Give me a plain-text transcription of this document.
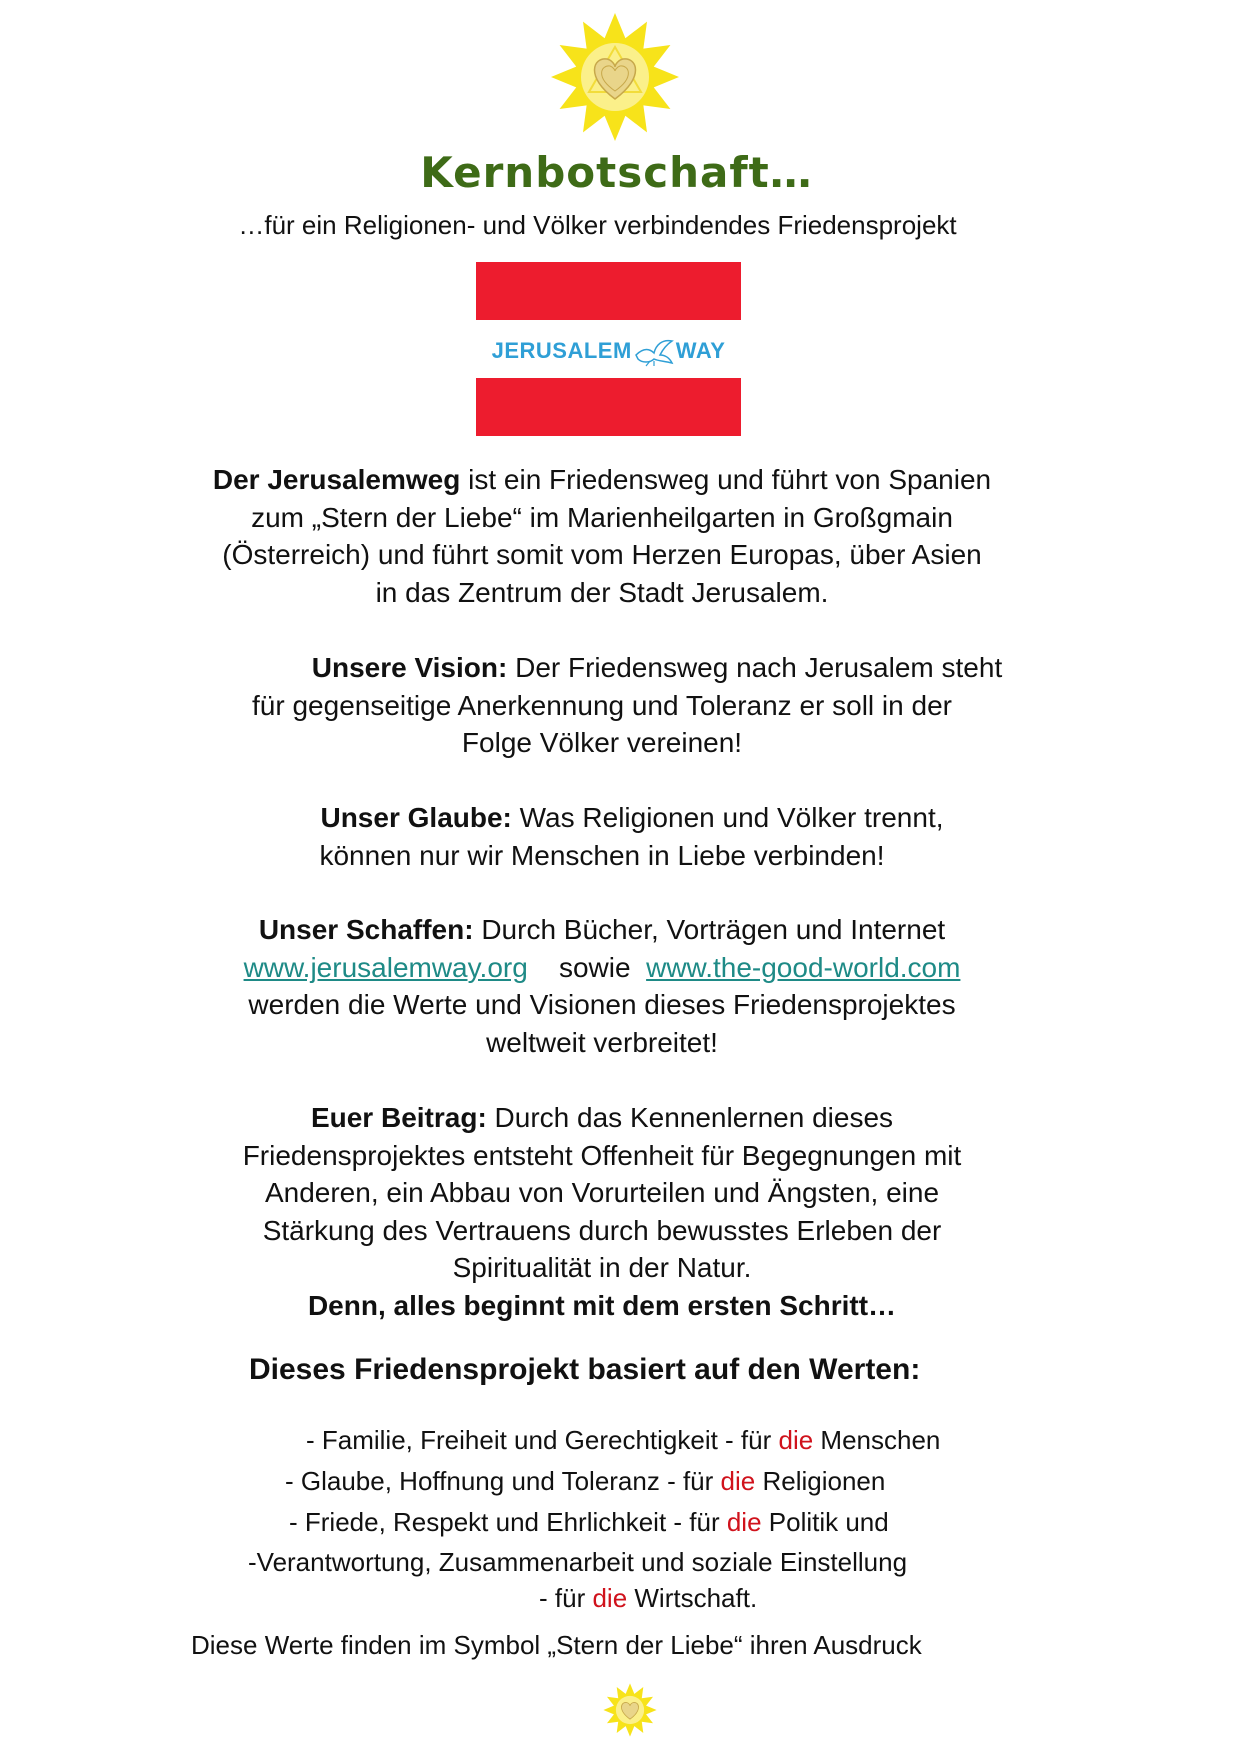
Kernbotschaft…
…für ein Religionen- und Völker verbindendes Friedensprojekt
JERUSALEM WAY
Der Jerusalemweg ist ein Friedensweg und führt von Spanien
zum „Stern der Liebe“ im Marienheilgarten in Großgmain
(Österreich) und führt somit vom Herzen Europas, über Asien
in das Zentrum der Stadt Jerusalem.
Unsere Vision: Der Friedensweg nach Jerusalem steht
für gegenseitige Anerkennung und Toleranz er soll in der
Folge Völker vereinen!
Unser Glaube: Was Religionen und Völker trennt,
können nur wir Menschen in Liebe verbinden!
Unser Schaffen: Durch Bücher, Vorträgen und Internet
www.jerusalemway.org sowie www.the-good-world.com
werden die Werte und Visionen dieses Friedensprojektes
weltweit verbreitet!
Euer Beitrag: Durch das Kennenlernen dieses
Friedensprojektes entsteht Offenheit für Begegnungen mit
Anderen, ein Abbau von Vorurteilen und Ängsten, eine
Stärkung des Vertrauens durch bewusstes Erleben der
Spiritualität in der Natur.
Denn, alles beginnt mit dem ersten Schritt…
Dieses Friedensprojekt basiert auf den Werten:
- Familie, Freiheit und Gerechtigkeit - für die Menschen
- Glaube, Hoffnung und Toleranz - für die Religionen
- Friede, Respekt und Ehrlichkeit - für die Politik und
-Verantwortung, Zusammenarbeit und soziale Einstellung
- für die Wirtschaft.
Diese Werte finden im Symbol „Stern der Liebe“ ihren Ausdruck
